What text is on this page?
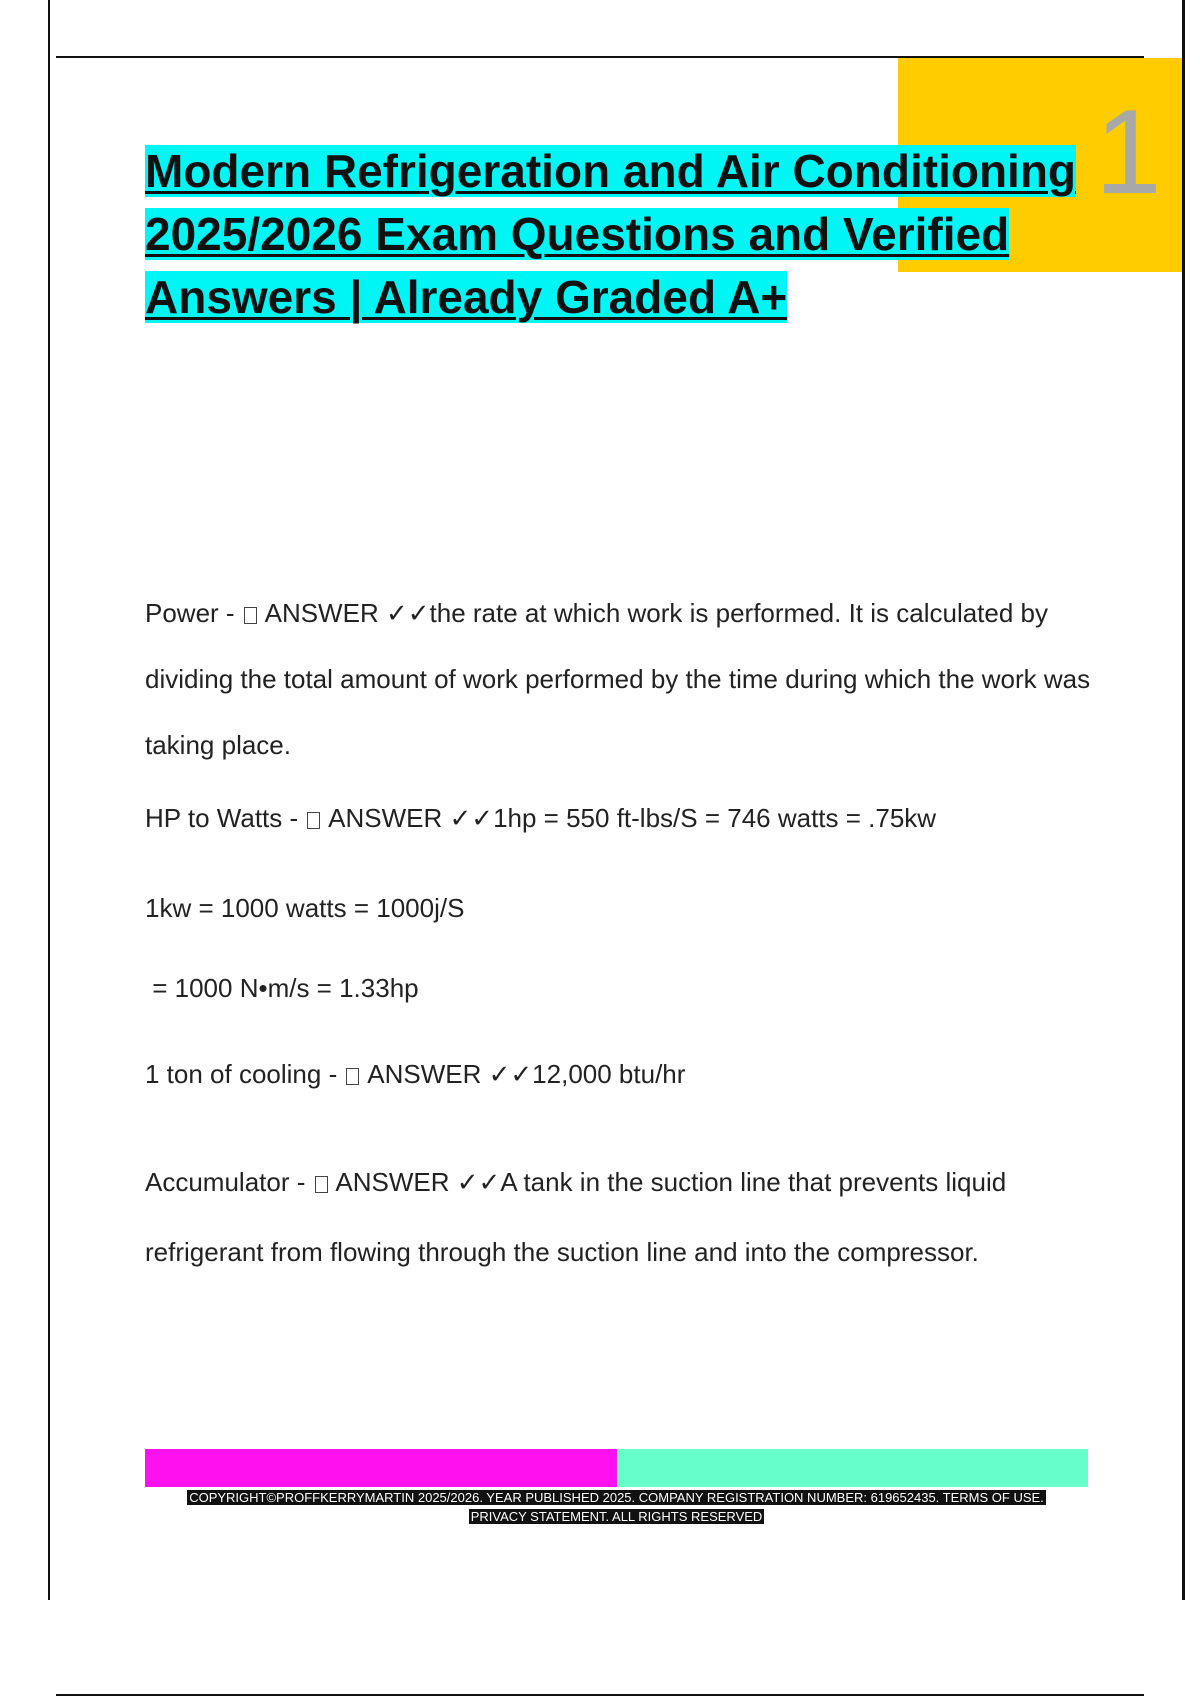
1
Modern Refrigeration and Air Conditioning 2025/2026 Exam Questions and Verified Answers | Already Graded A+

Power -  ANSWER ✓✓the rate at which work is performed. It is calculated by dividing the total amount of work performed by the time during which the work was taking place.

HP to Watts -  ANSWER ✓✓1hp = 550 ft-lbs/S = 746 watts = .75kw

1kw = 1000 watts = 1000j/S

= 1000 N•m/s = 1.33hp

1 ton of cooling -  ANSWER ✓✓12,000 btu/hr

Accumulator -  ANSWER ✓✓A tank in the suction line that prevents liquid refrigerant from flowing through the suction line and into the compressor.

COPYRIGHT©PROFFKERRYMARTIN 2025/2026. YEAR PUBLISHED 2025. COMPANY REGISTRATION NUMBER: 619652435. TERMS OF USE.
PRIVACY STATEMENT. ALL RIGHTS RESERVED
